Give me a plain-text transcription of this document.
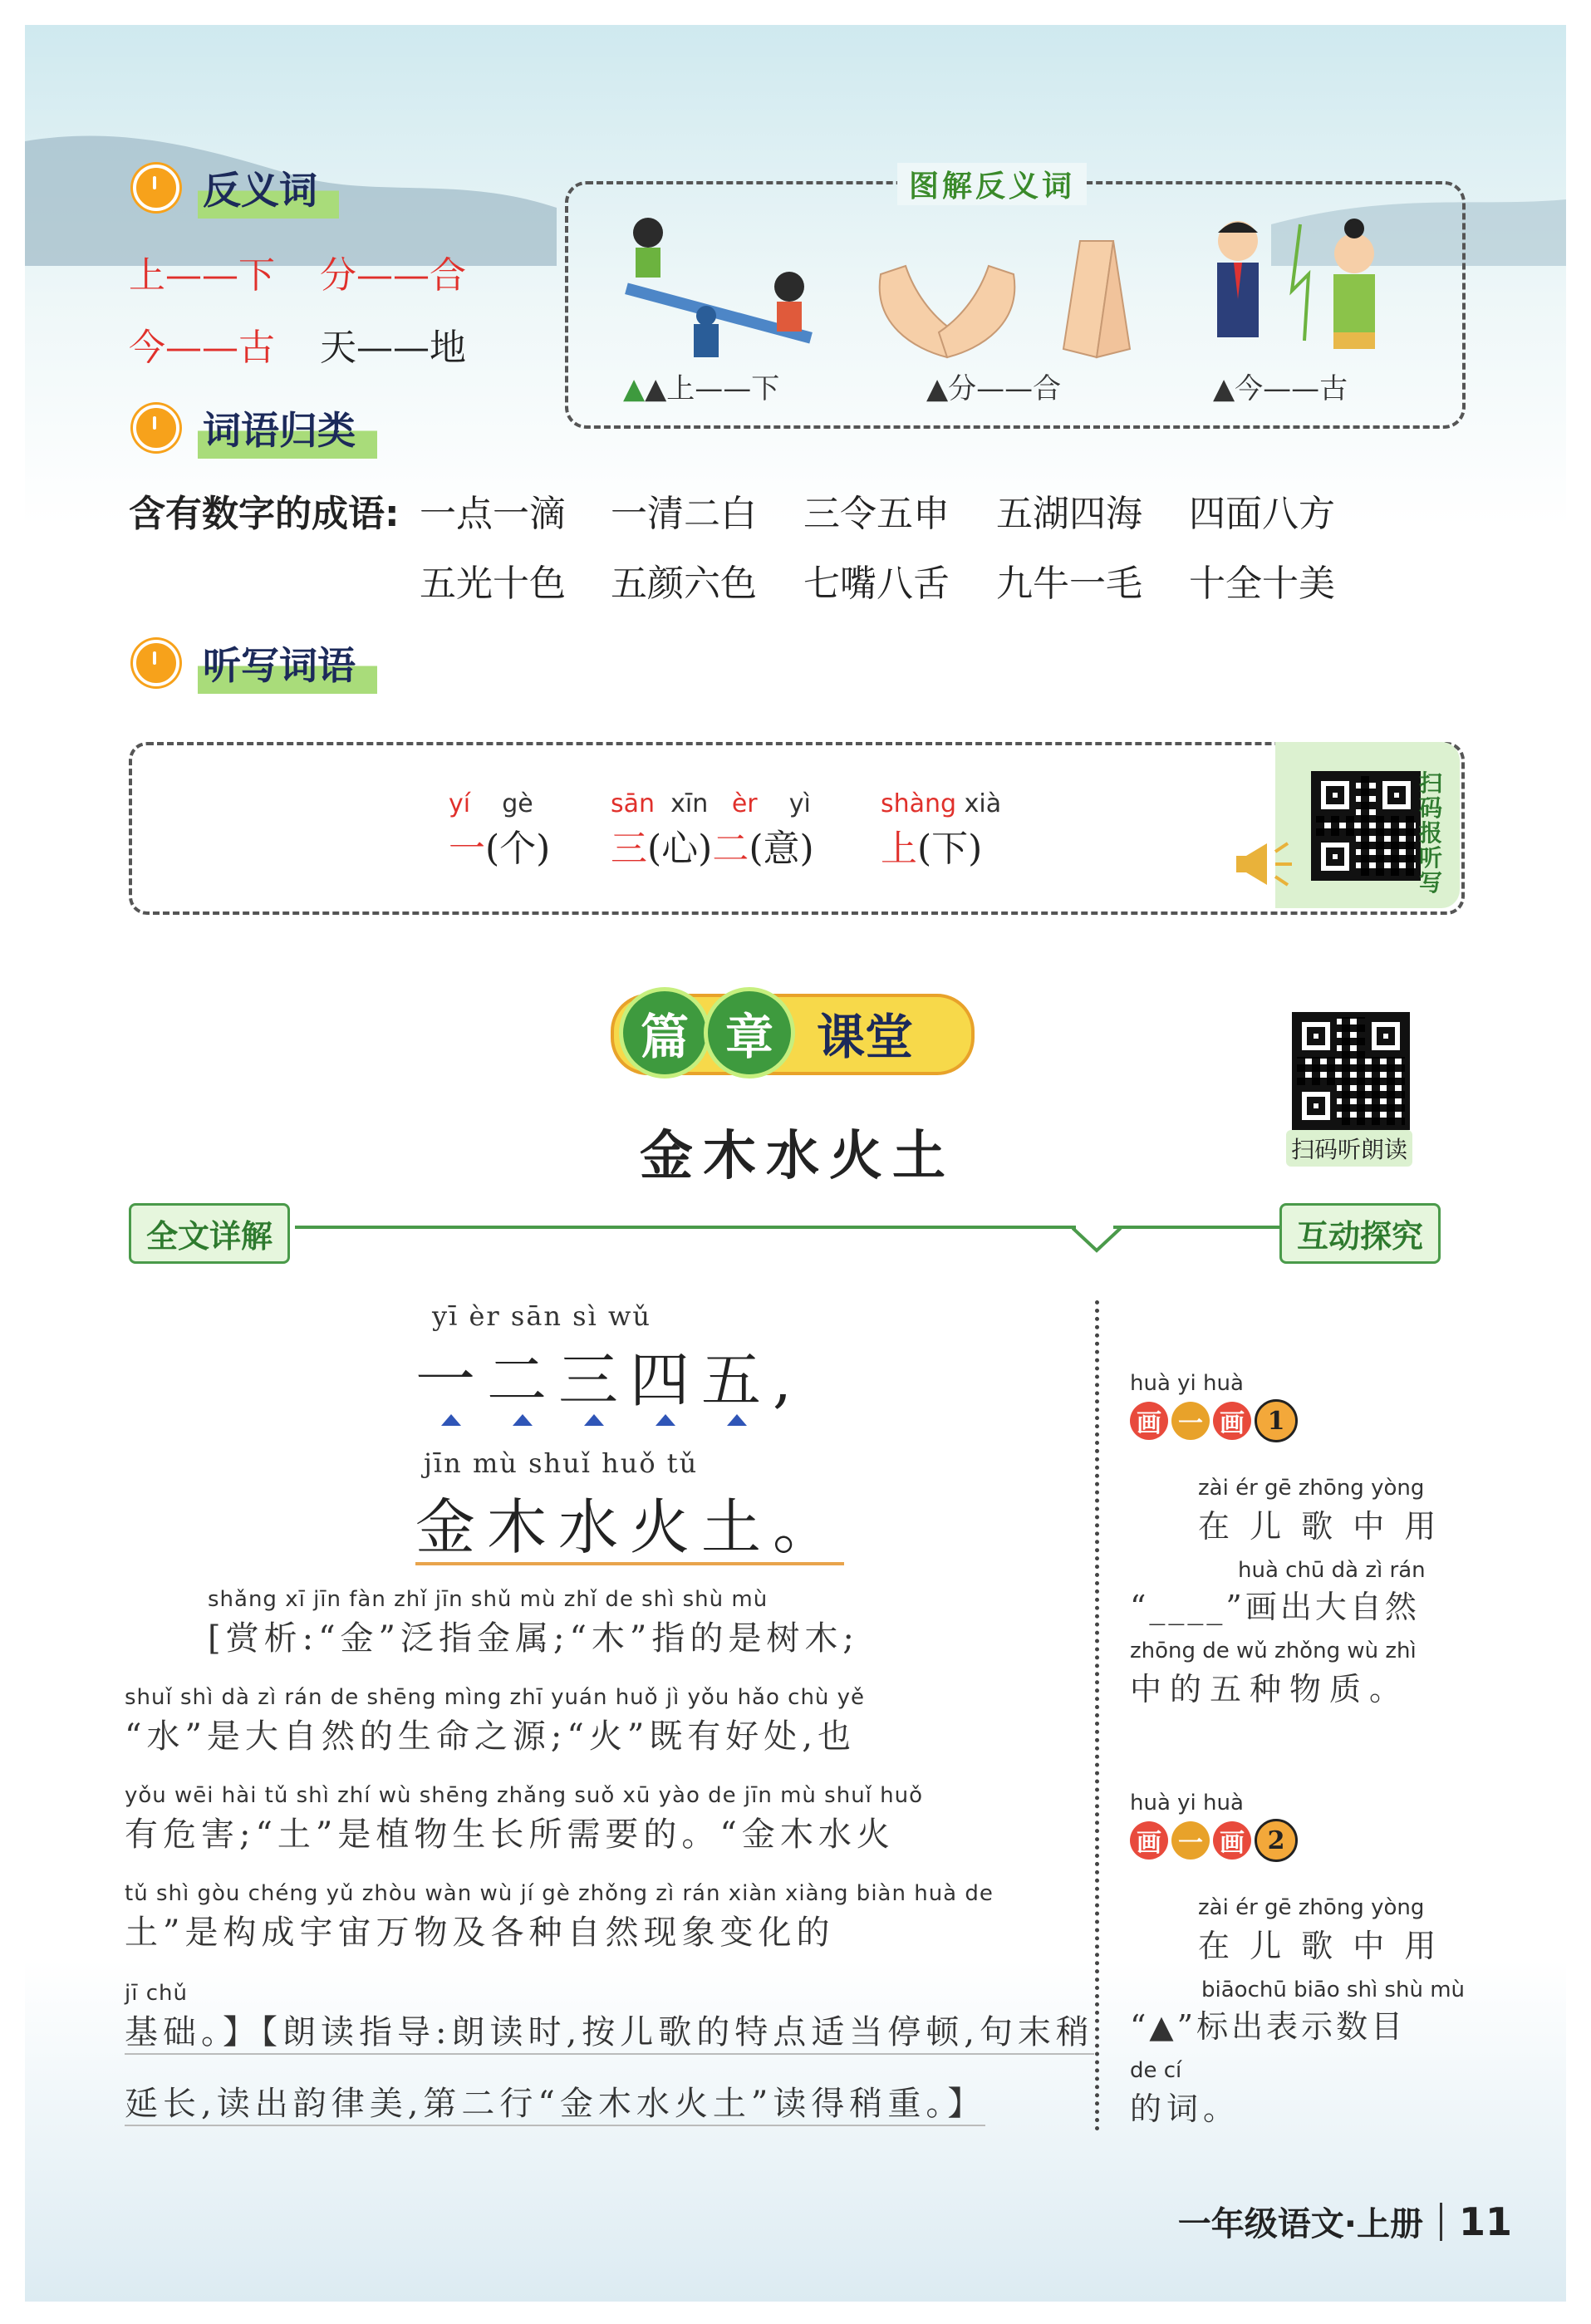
反义词
上——下 分——合
今——古 天——地
图解反义词
▲▲上——下	▲分——合	▲今——古
词语归类
含有数字的成语: 一点一滴 一清二白 三令五申 五湖四海 四面八方
五光十色 五颜六色 七嘴八舌 九牛一毛 十全十美
听写词语
yí gè
一(个)
sān xīn èr yì
三(心)二(意)
shàng xià
上(下)
扫码报听写
篇 章 课堂
金木水火土	扫码听朗读
全文详解	互动探究
yī èr sān sì wǔ
一二三四五,
jīn mù shuǐ huǒ tǔ
金木水火土。
shǎng xī jīn fàn zhǐ jīn shǔ mù zhǐ de shì shù mù
[赏析:“金”泛指金属;“木”指的是树木;
shuǐ shì dà zì rán de shēng mìng zhī yuán huǒ jì yǒu hǎo chù yě
“水”是大自然的生命之源;“火”既有好处,也
yǒu wēi hài tǔ shì zhí wù shēng zhǎng suǒ xū yào de jīn mù shuǐ huǒ
有危害;“土”是植物生长所需要的。“金木水火
tǔ shì gòu chéng yǔ zhòu wàn wù jí gè zhǒng zì rán xiàn xiàng biàn huà de
土”是构成宇宙万物及各种自然现象变化的
jī chǔ
基础。】【朗读指导:朗读时,按儿歌的特点适当停顿,句末稍
延长,读出韵律美,第二行“金木水火土”读得稍重。】
huà yi huà
画 一 画 1
zài ér gē zhōng yòng
在 儿 歌 中 用
huà chū dà zì rán
“____”画出大自然
zhōng de wǔ zhǒng wù zhì
中的五种物质。
huà yi huà
画 一 画 2
zài ér gē zhōng yòng
在 儿 歌 中 用
biāochū biāo shì shù mù
“▲”标出表示数目
de cí
的词。
一年级语文·上册 11
